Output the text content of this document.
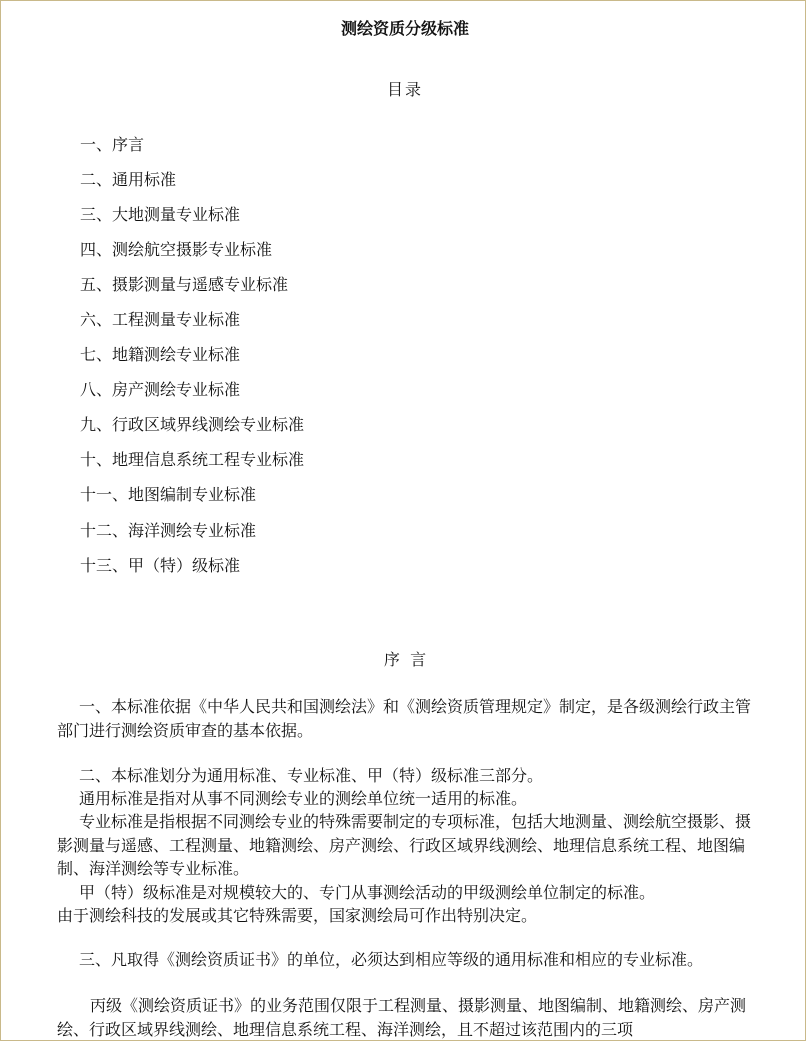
测绘资质分级标准
目录
一、序言
二、通用标准
三、大地测量专业标准
四、测绘航空摄影专业标准
五、摄影测量与遥感专业标准
六、工程测量专业标准
七、地籍测绘专业标准
八、房产测绘专业标准
九、行政区域界线测绘专业标准
十、地理信息系统工程专业标准
十一、地图编制专业标准
十二、海洋测绘专业标准
十三、甲（特）级标准
序  言

一、本标准依据《中华人民共和国测绘法》和《测绘资质管理规定》制定，是各级测绘行政主管部门进行测绘资质审查的基本依据。

二、本标准划分为通用标准、专业标准、甲（特）级标准三部分。

通用标准是指对从事不同测绘专业的测绘单位统一适用的标准。

专业标准是指根据不同测绘专业的特殊需要制定的专项标准，包括大地测量、测绘航空摄影、摄影测量与遥感、工程测量、地籍测绘、房产测绘、行政区域界线测绘、地理信息系统工程、地图编制、海洋测绘等专业标准。

甲（特）级标准是对规模较大的、专门从事测绘活动的甲级测绘单位制定的标准。

由于测绘科技的发展或其它特殊需要，国家测绘局可作出特别决定。

三、凡取得《测绘资质证书》的单位，必须达到相应等级的通用标准和相应的专业标准。

丙级《测绘资质证书》的业务范围仅限于工程测量、摄影测量、地图编制、地籍测绘、房产测绘、行政区域界线测绘、地理信息系统工程、海洋测绘，且不超过该范围内的三项
